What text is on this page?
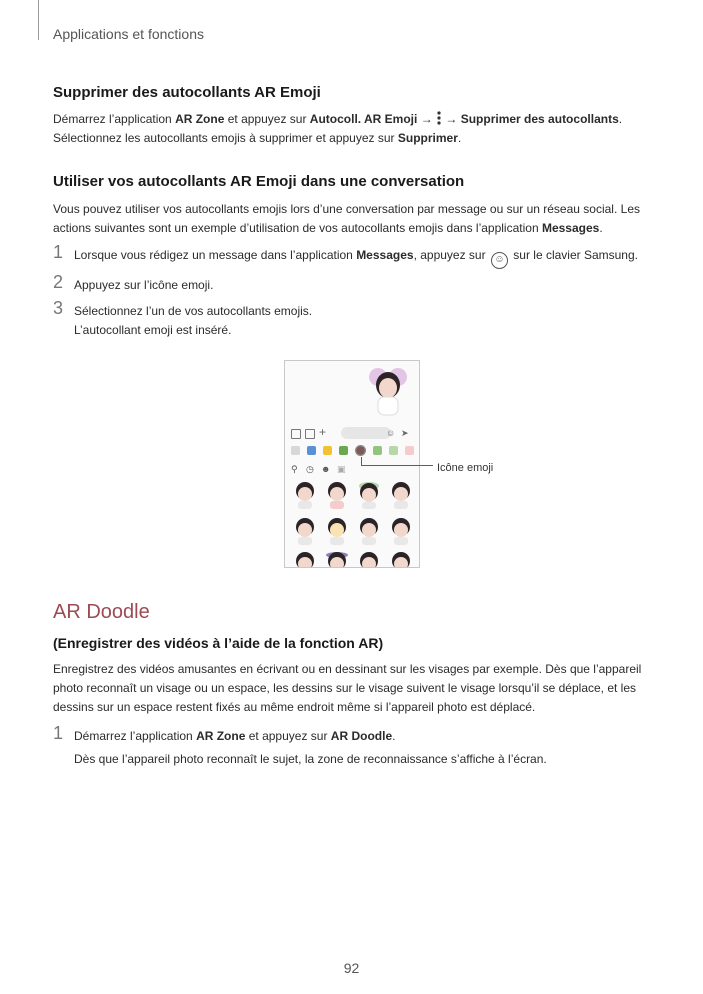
Applications et fonctions
Supprimer des autocollants AR Emoji

Démarrez l’application AR Zone et appuyez sur Autocoll. AR Emoji →  → Supprimer des autocollants.
Sélectionnez les autocollants emojis à supprimer et appuyez sur Supprimer.

Utiliser vos autocollants AR Emoji dans une conversation

Vous pouvez utiliser vos autocollants emojis lors d’une conversation par message ou sur un réseau social. Les actions suivantes sont un exemple d’utilisation de vos autocollants emojis dans l’application Messages.

1 Lorsque vous rédigez un message dans l’application Messages, appuyez sur ☺ sur le clavier Samsung.

2 Appuyez sur l’icône emoji.

3 Sélectionnez l’un de vos autocollants emojis.

L’autocollant emoji est inséré.

+	☺ ➤
⚲ ◷ ☻ ▣	Icône emoji
AR Doodle
(Enregistrer des vidéos à l’aide de la fonction AR)

Enregistrez des vidéos amusantes en écrivant ou en dessinant sur les visages par exemple. Dès que l’appareil photo reconnaît un visage ou un espace, les dessins sur le visage suivent le visage lorsqu’il se déplace, et les dessins sur un espace restent fixés au même endroit même si l’appareil photo est déplacé.

1 Démarrez l’application AR Zone et appuyez sur AR Doodle.

Dès que l’appareil photo reconnaît le sujet, la zone de reconnaissance s’affiche à l’écran.

92
